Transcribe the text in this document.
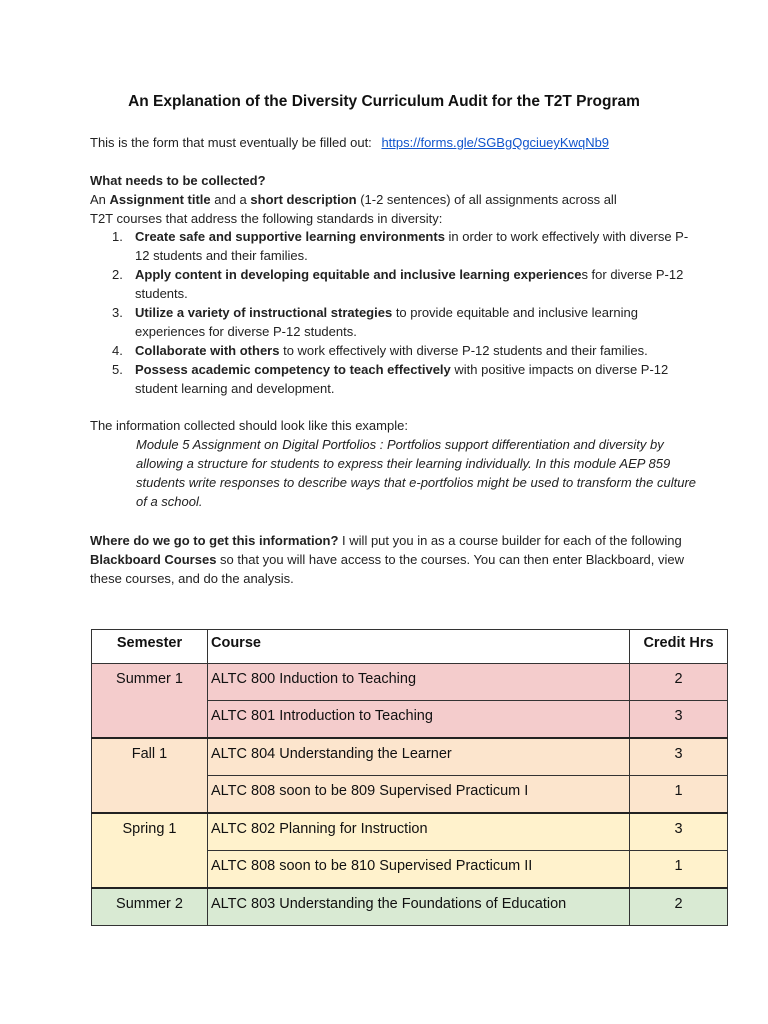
An Explanation of the Diversity Curriculum Audit for the T2T Program
This is the form that must eventually be filled out: https://forms.gle/SGBgQgciueyKwqNb9
What needs to be collected?
An Assignment title and a short description (1-2 sentences) of all assignments across all
T2T courses that address the following standards in diversity:
1. Create safe and supportive learning environments in order to work effectively with diverse P-12 students and their families.
2. Apply content in developing equitable and inclusive learning experiences for diverse P-12 students.
3. Utilize a variety of instructional strategies to provide equitable and inclusive learning experiences for diverse P-12 students.
4. Collaborate with others to work effectively with diverse P-12 students and their families.
5. Possess academic competency to teach effectively with positive impacts on diverse P-12 student learning and development.
The information collected should look like this example:
Module 5 Assignment on Digital Portfolios : Portfolios support differentiation and diversity by allowing a structure for students to express their learning individually. In this module AEP 859 students write responses to describe ways that e-portfolios might be used to transform the culture of a school.
Where do we go to get this information? I will put you in as a course builder for each of the following Blackboard Courses so that you will have access to the courses. You can then enter Blackboard, view these courses, and do the analysis.
Semester	Course	Credit Hrs
Summer 1	ALTC 800 Induction to Teaching	2
	ALTC 801 Introduction to Teaching	3
Fall 1	ALTC 804 Understanding the Learner	3
	ALTC 808 soon to be 809 Supervised Practicum I	1
Spring 1	ALTC 802 Planning for Instruction	3
	ALTC 808 soon to be 810 Supervised Practicum II	1
Summer 2	ALTC 803 Understanding the Foundations of Education	2
